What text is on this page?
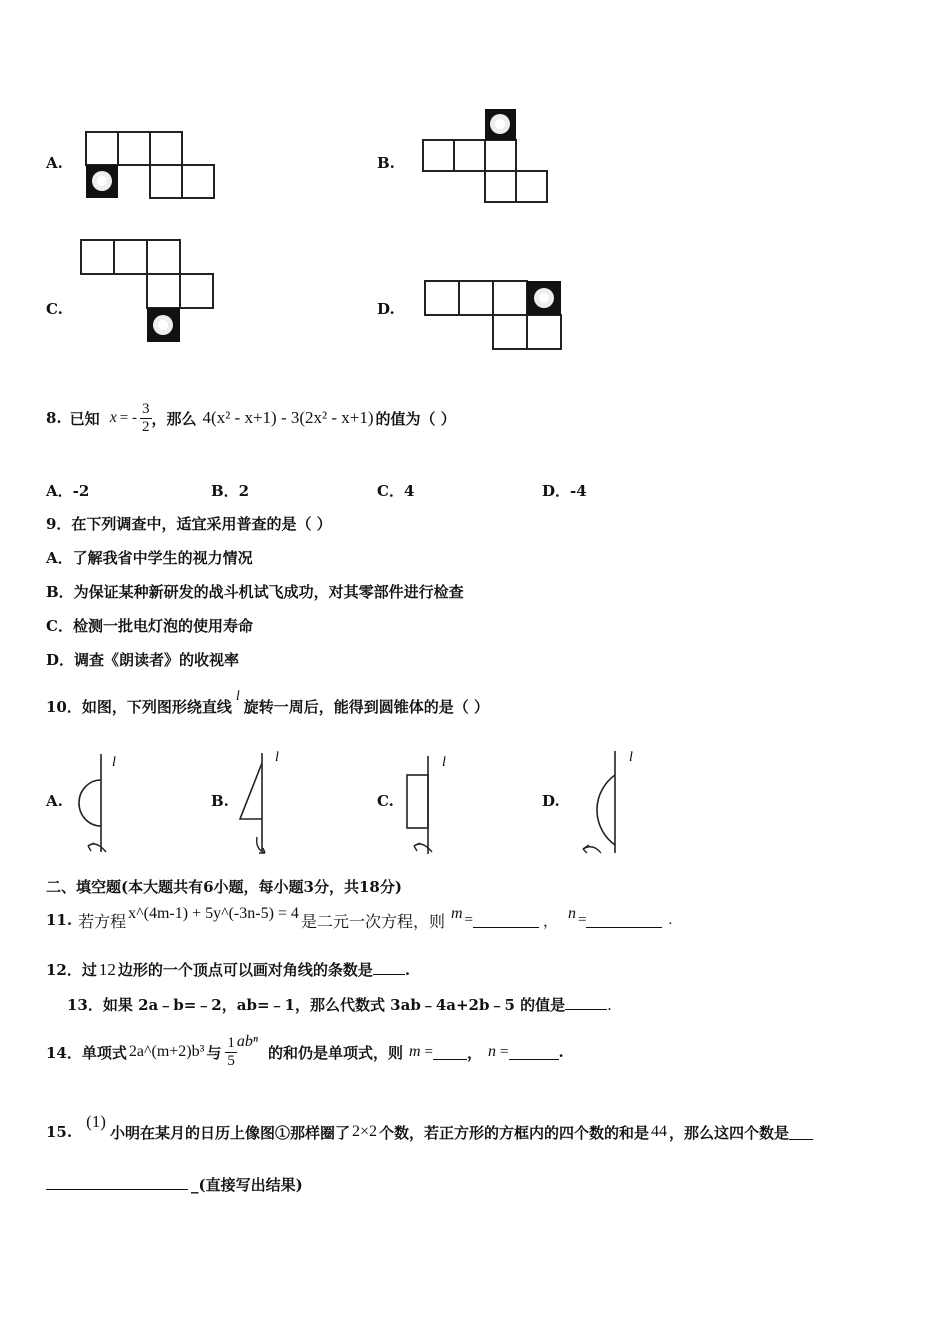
A.	B.
C.	D.
8. 已知 x = - $\frac{3}{2}$ ，那么 4(x² - x+1) - 3(2x² - x+1) 的值为（ ）
A．-2	B．2	C．4	D．-4
9．在下列调查中，适宜采用普查的是（ ）
A．了解我省中学生的视力情况
B．为保证某种新研发的战斗机试飞成功，对其零部件进行检查
C．检测一批电灯泡的使用寿命
D．调查《朗读者》的收视率
10．如图，下列图形绕直线l旋转一周后，能得到圆锥体的是（ ）
A.
l
B.
l
C.
l
D.
l
二、填空题(本大题共有6小题，每小题3分，共18分)
11. 若方程 x^(4m-1) + 5y^(-3n-5) = 4 是二元一次方程，则 m =	， n =	.
12．过 12 边形的一个顶点可以画对角线的条数是 .
13．如果 2a﹣b=﹣2，ab=﹣1，那么代数式 3ab﹣4a+2b﹣5 的值是	.
14．单项式 2a^(m+2)b³ 与 $\frac{1}{5}$ abⁿ
的和仍是单项式，则 m = ， n =	.
15.
(1)
小明在某月的日历上像图①那样圈了 2×2 个数，若正方形的方框内的四个数的和是 44 ，那么这四个数是
_(直接写出结果)
